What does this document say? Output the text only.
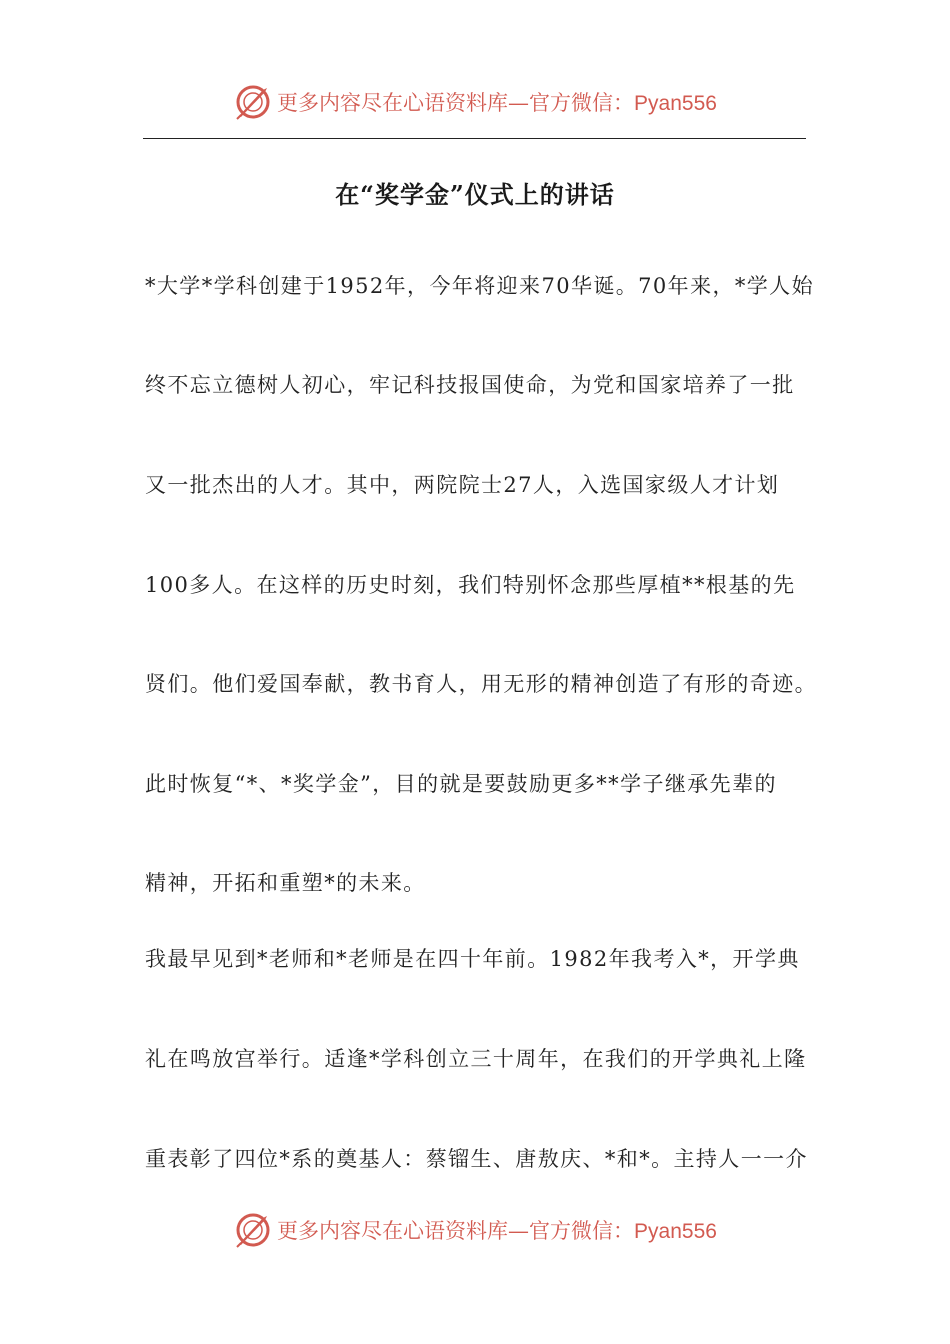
更多内容尽在心语资料库—官方微信：Pyan556
在“奖学金”仪式上的讲话
*大学*学科创建于1952年，今年将迎来70华诞。70年来，*学人始
终不忘立德树人初心，牢记科技报国使命，为党和国家培养了一批
又一批杰出的人才。其中，两院院士27人，入选国家级人才计划
100多人。在这样的历史时刻，我们特别怀念那些厚植**根基的先
贤们。他们爱国奉献，教书育人，用无形的精神创造了有形的奇迹。
此时恢复“*、*奖学金”，目的就是要鼓励更多**学子继承先辈的
精神，开拓和重塑*的未来。
我最早见到*老师和*老师是在四十年前。1982年我考入*，开学典
礼在鸣放宫举行。适逢*学科创立三十周年，在我们的开学典礼上隆
重表彰了四位*系的奠基人：蔡镏生、唐敖庆、*和*。主持人一一介
更多内容尽在心语资料库—官方微信：Pyan556
